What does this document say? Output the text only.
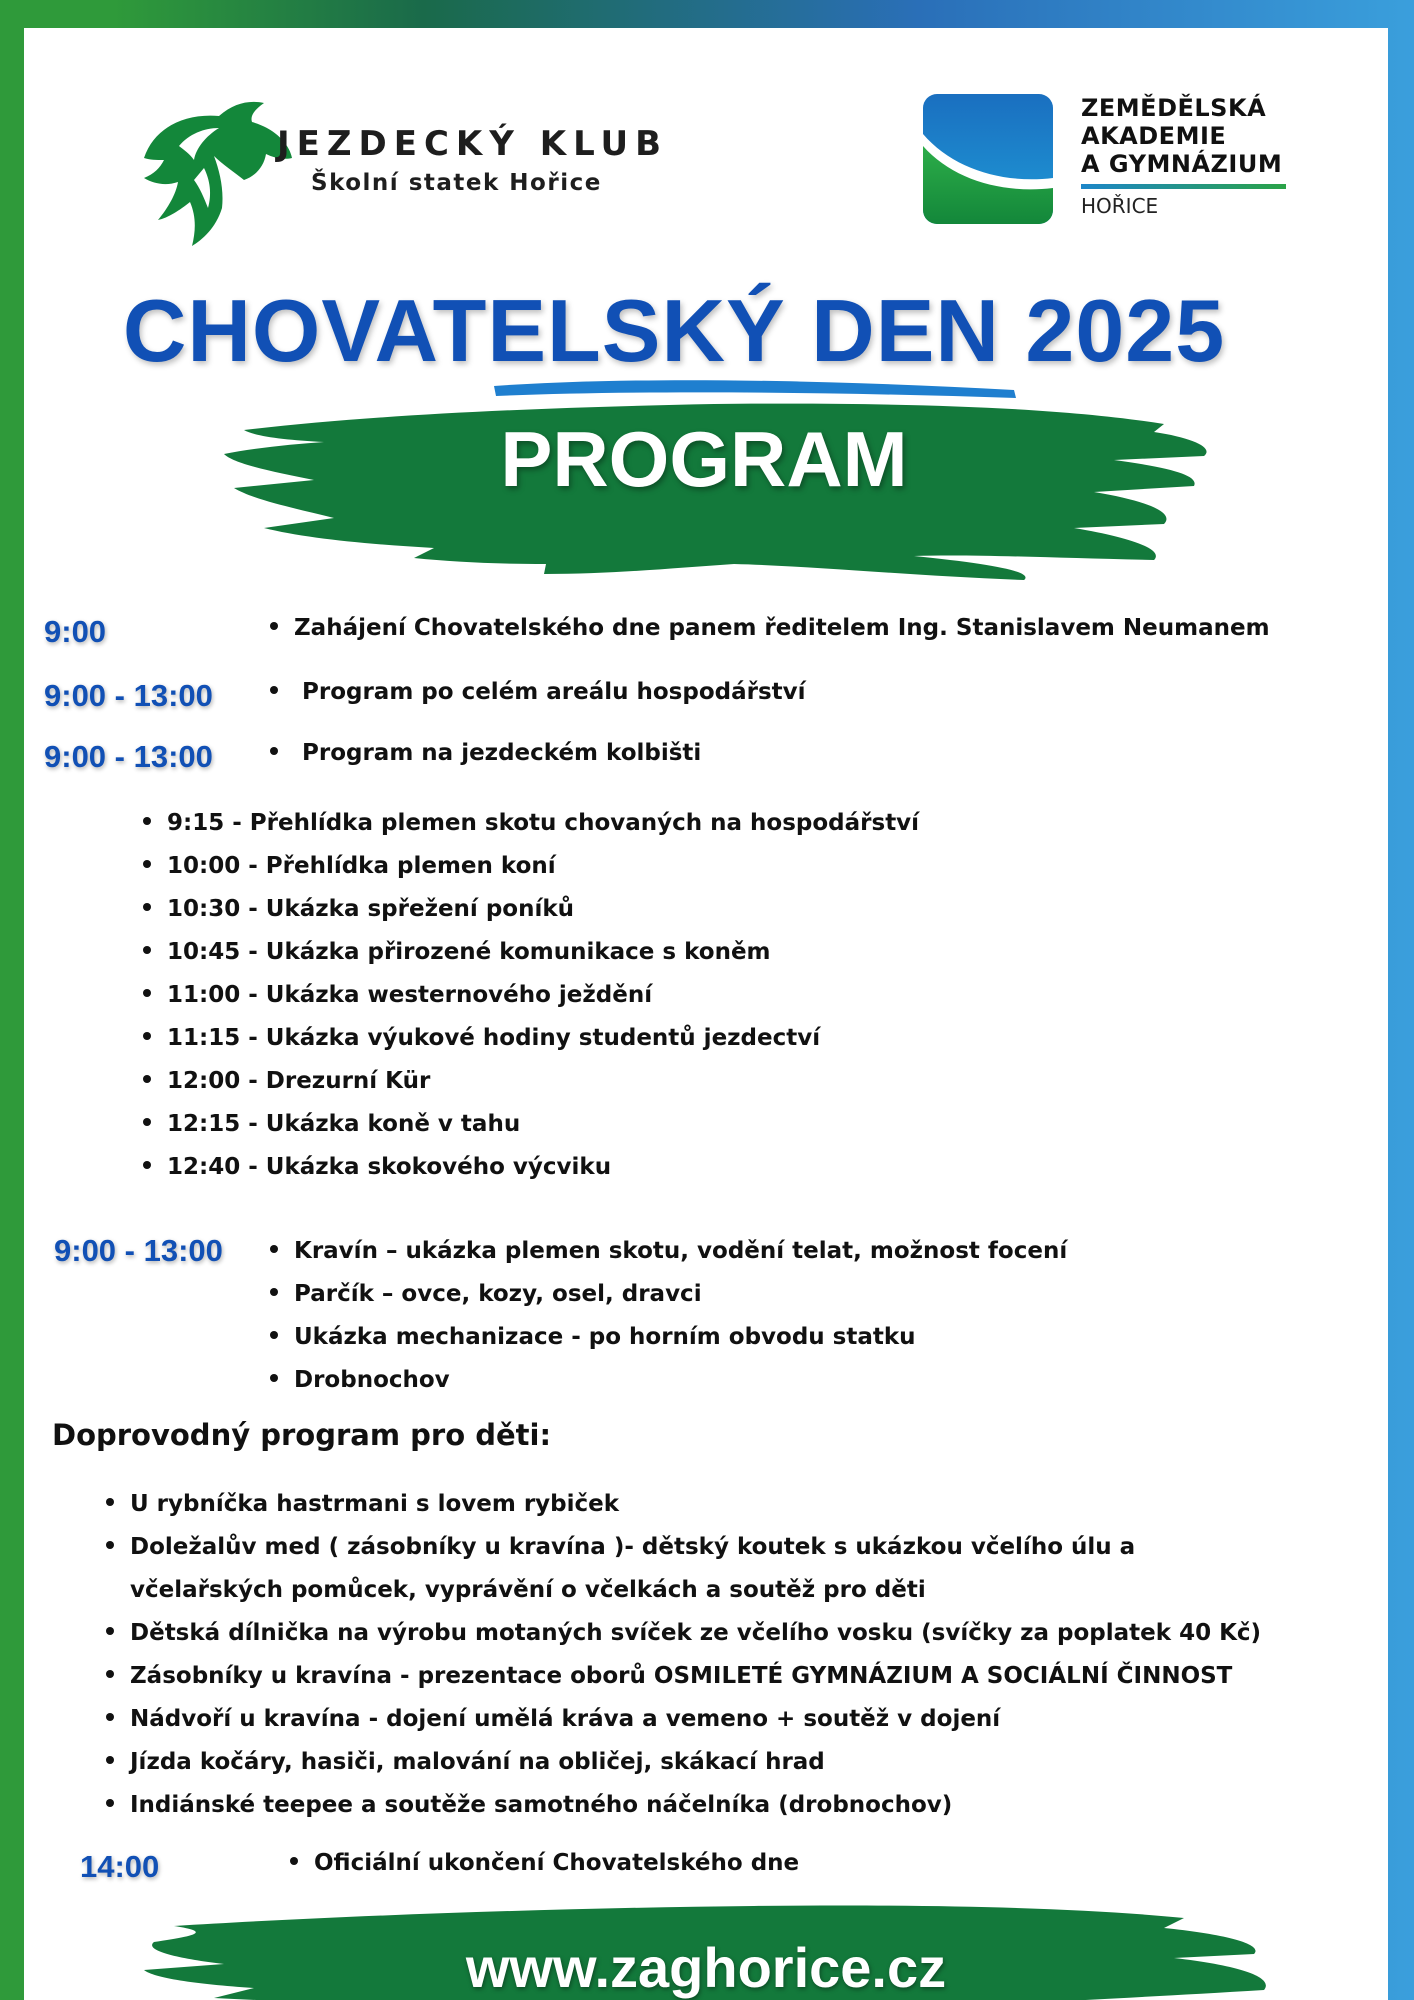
JEZDECKÝ KLUB
Školní statek Hořice
ZEMĚDĚLSKÁ
AKADEMIE
A GYMNÁZIUM
HOŘICE
CHOVATELSKÝ DEN 2025
PROGRAM
9:00	Zahájení Chovatelského dne panem ředitelem Ing. Stanislavem Neumanem
9:00 - 13:00	Program po celém areálu hospodářství
9:00 - 13:00	Program na jezdeckém kolbišti
9:15 - Přehlídka plemen skotu chovaných na hospodářství
10:00 - Přehlídka plemen koní
10:30 - Ukázka spřežení poníků
10:45 - Ukázka přirozené komunikace s koněm
11:00 - Ukázka westernového ježdění
11:15 - Ukázka výukové hodiny studentů jezdectví
12:00 - Drezurní Kür
12:15 - Ukázka koně v tahu
12:40 - Ukázka skokového výcviku
9:00 - 13:00	Kravín – ukázka plemen skotu, vodění telat, možnost focení
Parčík – ovce, kozy, osel, dravci
Ukázka mechanizace - po horním obvodu statku
Drobnochov
Doprovodný program pro děti:
U rybníčka hastrmani s lovem rybiček
Doležalův med ( zásobníky u kravína )- dětský koutek s ukázkou včelího úlu a
včelařských pomůcek, vyprávění o včelkách a soutěž pro děti
Dětská dílnička na výrobu motaných svíček ze včelího vosku (svíčky za poplatek 40 Kč)
Zásobníky u kravína - prezentace oborů OSMILETÉ GYMNÁZIUM A SOCIÁLNÍ ČINNOST
Nádvoří u kravína - dojení umělá kráva a vemeno + soutěž v dojení
Jízda kočáry, hasiči, malování na obličej, skákací hrad
Indiánské teepee a soutěže samotného náčelníka (drobnochov)
14:00	Oficiální ukončení Chovatelského dne
www.zaghorice.cz
